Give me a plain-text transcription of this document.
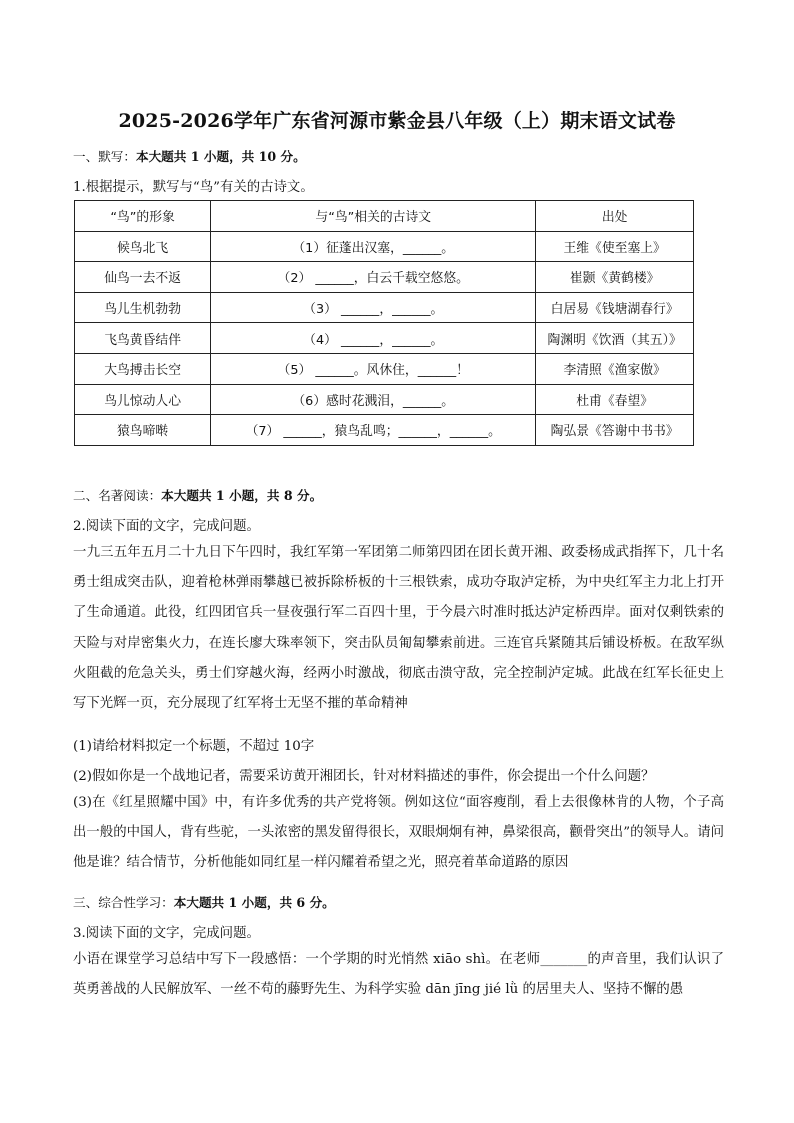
2025-2026学年广东省河源市紫金县八年级（上）期末语文试卷
一、默写：本大题共 1 小题，共 10 分。
1.根据提示，默写与“鸟”有关的古诗文。
“鸟”的形象	与“鸟”相关的古诗文	出处
候鸟北飞	（1）征蓬出汉塞，______。	王维《使至塞上》
仙鸟一去不返	（2） ______，白云千载空悠悠。	崔颢《黄鹤楼》
鸟儿生机勃勃	（3） ______，______。	白居易《钱塘湖春行》
飞鸟黄昏结伴	（4） ______，______。	陶渊明《饮酒（其五）》
大鸟搏击长空	（5） ______。风休住，______！	李清照《渔家傲》
鸟儿惊动人心	（6）感时花溅泪，______。	杜甫《春望》
猿鸟啼啭	（7） ______，猿鸟乱鸣；______，______。	陶弘景《答谢中书书》
二、名著阅读：本大题共 1 小题，共 8 分。
2.阅读下面的文字，完成问题。
一九三五年五月二十九日下午四时，我红军第一军团第二师第四团在团长黄开湘、政委杨成武指挥下，几十名勇士组成突击队，迎着枪林弹雨攀越已被拆除桥板的十三根铁索，成功夺取泸定桥，为中央红军主力北上打开了生命通道。此役，红四团官兵一昼夜强行军二百四十里，于今晨六时准时抵达泸定桥西岸。面对仅剩铁索的天险与对岸密集火力，在连长廖大珠率领下，突击队员匍匐攀索前进。三连官兵紧随其后铺设桥板。在敌军纵火阻截的危急关头，勇士们穿越火海，经两小时激战，彻底击溃守敌，完全控制泸定城。此战在红军长征史上写下光辉一页，充分展现了红军将士无坚不摧的革命精神
(1)请给材料拟定一个标题，不超过 10字
(2)假如你是一个战地记者，需要采访黄开湘团长，针对材料描述的事件，你会提出一个什么问题？
(3)在《红星照耀中国》中，有许多优秀的共产党将领。例如这位“面容瘦削，看上去很像林肯的人物，个子高出一般的中国人，背有些驼，一头浓密的黑发留得很长，双眼炯炯有神，鼻梁很高，颧骨突出”的领导人。请问他是谁？结合情节，分析他能如同红星一样闪耀着希望之光，照亮着革命道路的原因
三、综合性学习：本大题共 1 小题，共 6 分。
3.阅读下面的文字，完成问题。
小语在课堂学习总结中写下一段感悟：一个学期的时光悄然 xiāo shì。在老师_______的声音里，我们认识了英勇善战的人民解放军、一丝不苟的藤野先生、为科学实验 dān jīng jié lǜ 的居里夫人、坚持不懈的愚
